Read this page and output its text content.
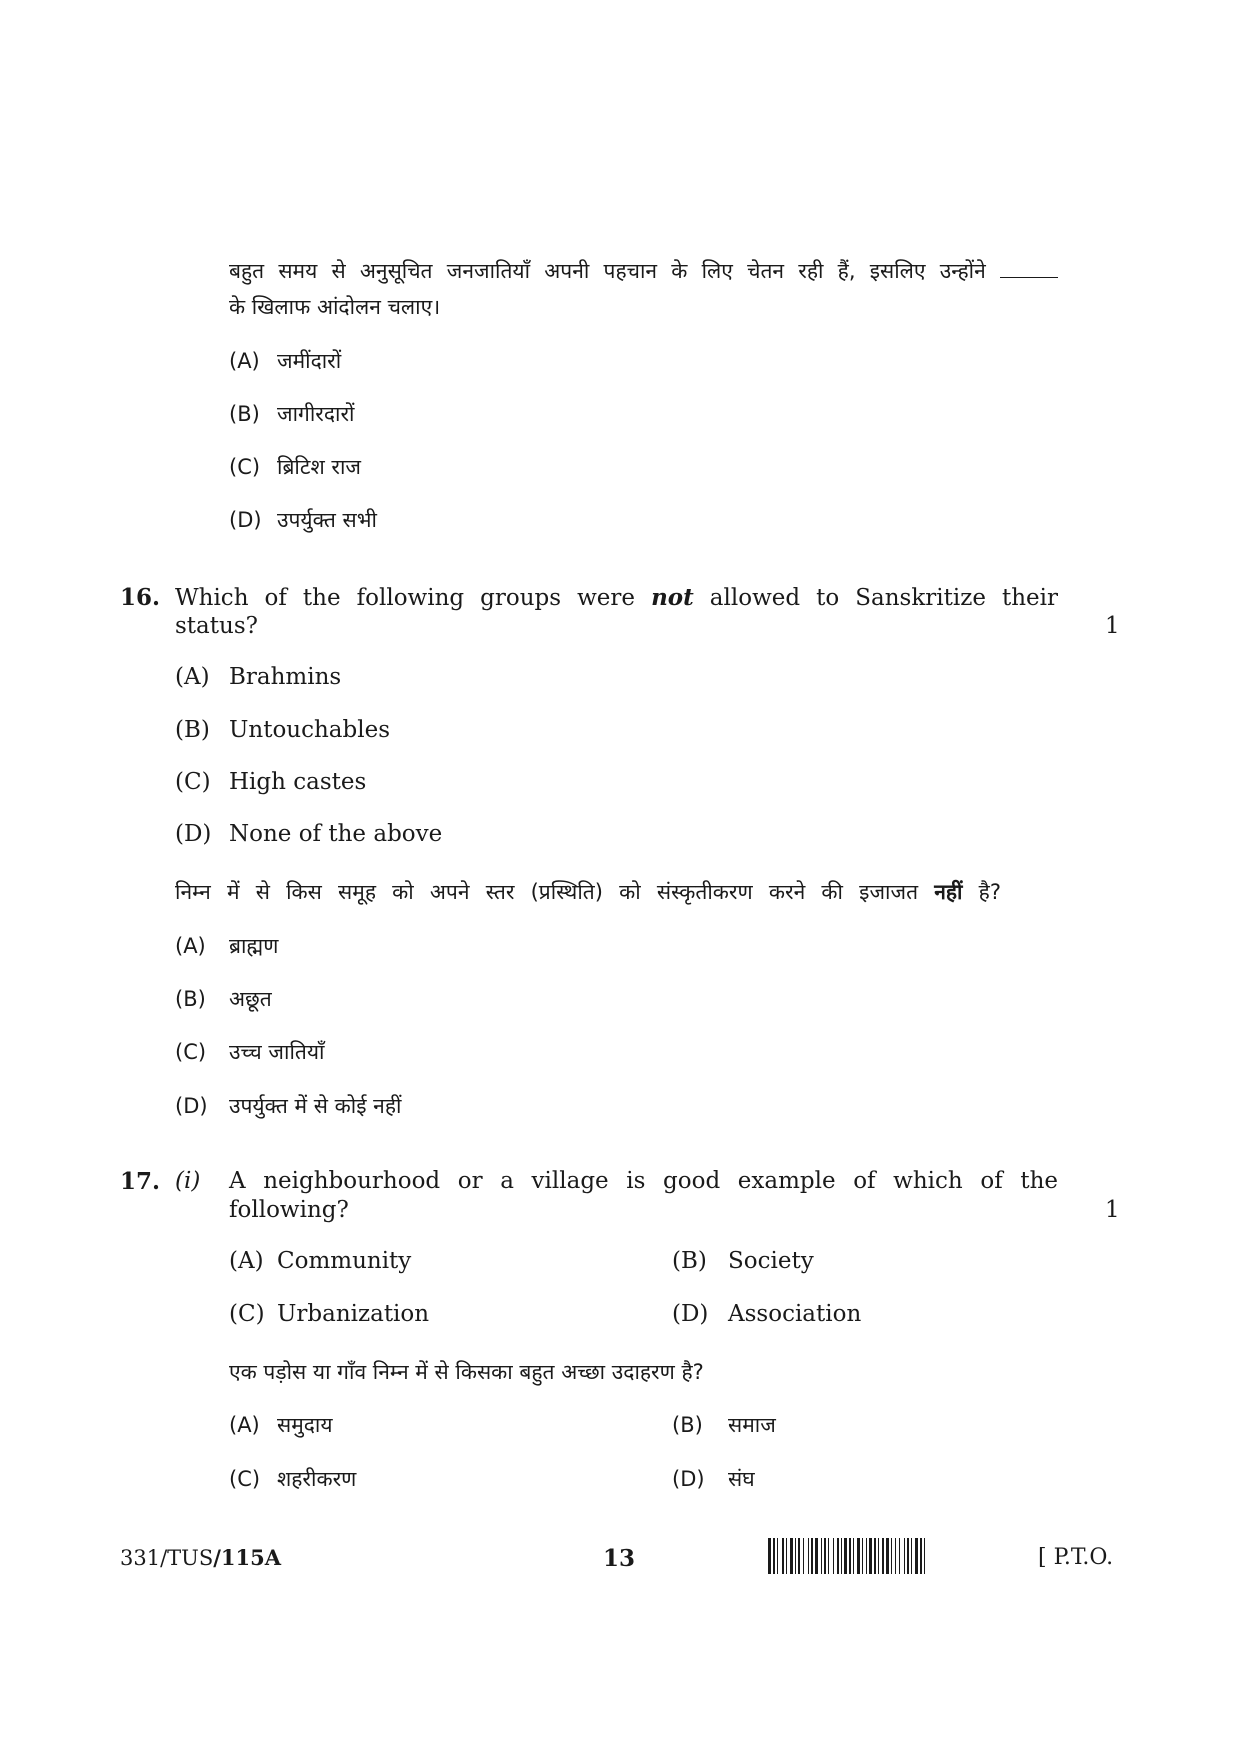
बहुत समय से अनुसूचित जनजातियाँ अपनी पहचान के लिए चेतन रही हैं, इसलिए उन्होंने
के खिलाफ आंदोलन चलाए।
(A) जमींदारों
(B) जागीरदारों
(C) ब्रिटिश राज
(D) उपर्युक्त सभी
16. Which of the following groups were not allowed to Sanskritize their
status?	1
(A) Brahmins
(B) Untouchables
(C) High castes
(D) None of the above
निम्न में से किस समूह को अपने स्तर (प्रस्थिति) को संस्कृतीकरण करने की इजाजत नहीं है?
(A) ब्राह्मण
(B) अछूत
(C) उच्च जातियाँ
(D) उपर्युक्त में से कोई नहीं
17. (i) A neighbourhood or a village is good example of which of the
following?	1
(A) Community	(B) Society
(C) Urbanization	(D) Association
एक पड़ोस या गाँव निम्न में से किसका बहुत अच्छा उदाहरण है?
(A) समुदाय	(B) समाज
(C) शहरीकरण	(D) संघ
331/TUS/115A	13	[ P.T.O.
